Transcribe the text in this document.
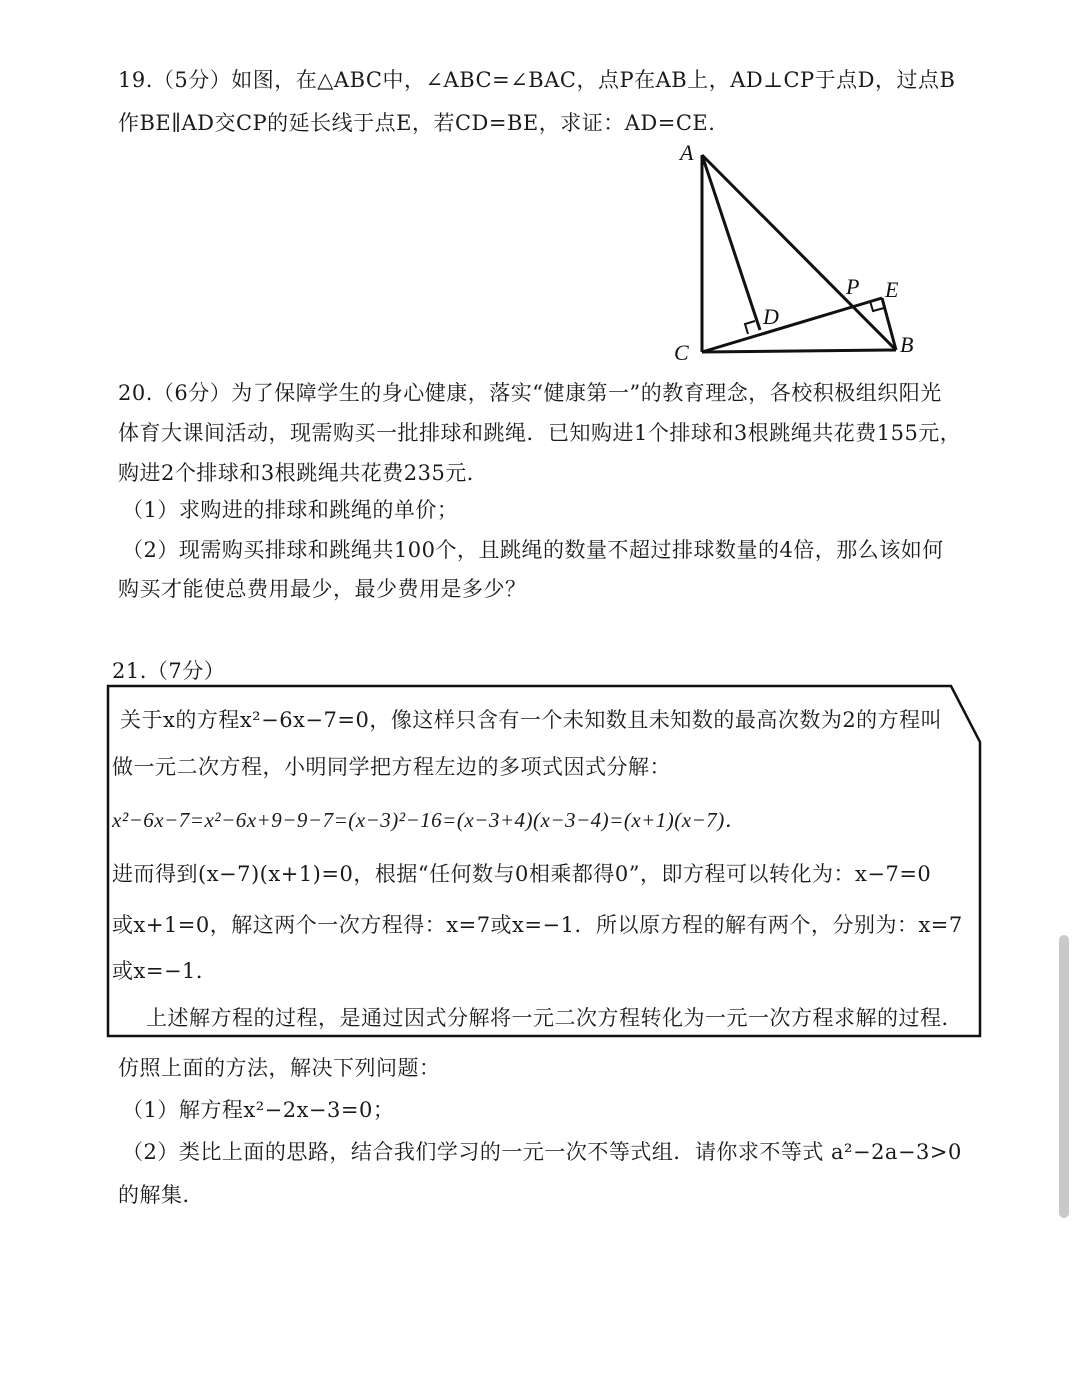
19.（5分）如图，在△ABC中，∠ABC=∠BAC，点P在AB上，AD⊥CP于点D，过点B
作BE∥AD交CP的延长线于点E，若CD=BE，求证：AD=CE.
A
C	B
D
P E
20.（6分）为了保障学生的身心健康，落实“健康第一”的教育理念，各校积极组织阳光
体育大课间活动，现需购买一批排球和跳绳．已知购进1个排球和3根跳绳共花费155元，
购进2个排球和3根跳绳共花费235元．
（1）求购进的排球和跳绳的单价；
（2）现需购买排球和跳绳共100个，且跳绳的数量不超过排球数量的4倍，那么该如何
购买才能使总费用最少，最少费用是多少？
21.（7分）
关于x的方程x²−6x−7=0，像这样只含有一个未知数且未知数的最高次数为2的方程叫
做一元二次方程，小明同学把方程左边的多项式因式分解：
x²−6x−7=x²−6x+9−9−7=(x−3)²−16=(x−3+4)(x−3−4)=(x+1)(x−7)．
进而得到(x−7)(x+1)=0，根据“任何数与0相乘都得0”，即方程可以转化为：x−7=0
或x+1=0，解这两个一次方程得：x=7或x=−1．所以原方程的解有两个，分别为：x=7
或x=−1．
上述解方程的过程，是通过因式分解将一元二次方程转化为一元一次方程求解的过程．
仿照上面的方法，解决下列问题：
（1）解方程x²−2x−3=0；
（2）类比上面的思路，结合我们学习的一元一次不等式组．请你求不等式 a²−2a−3>0
的解集．
